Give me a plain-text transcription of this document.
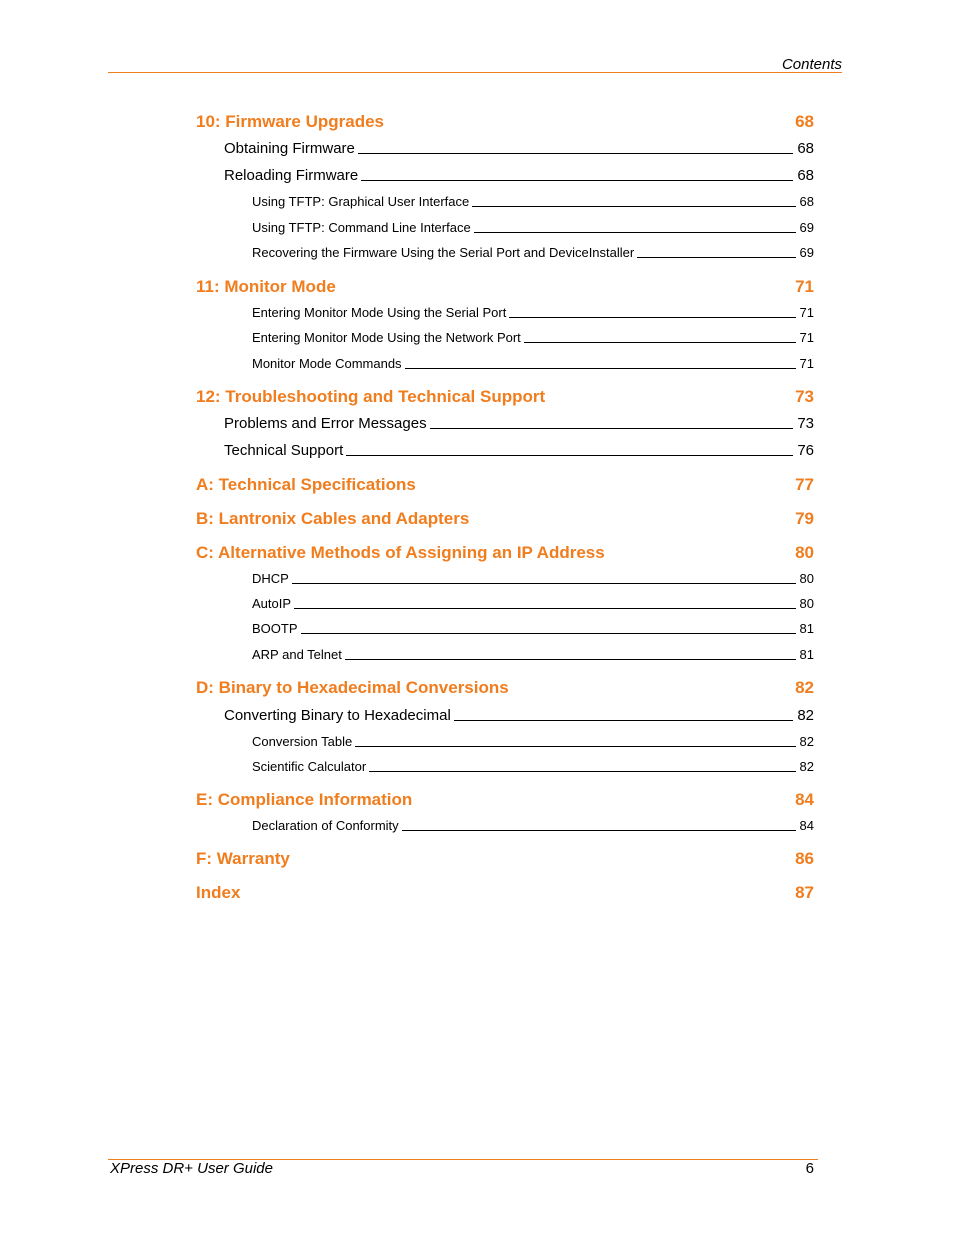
Contents
10: Firmware Upgrades	68
Obtaining Firmware	68
Reloading Firmware	68
Using TFTP: Graphical User Interface	68
Using TFTP: Command Line Interface	69
Recovering the Firmware Using the Serial Port and DeviceInstaller	69
11: Monitor Mode	71
Entering Monitor Mode Using the Serial Port	71
Entering Monitor Mode Using the Network Port	71
Monitor Mode Commands	71
12: Troubleshooting and Technical Support	73
Problems and Error Messages	73
Technical Support	76
A: Technical Specifications	77
B: Lantronix Cables and Adapters	79
C: Alternative Methods of Assigning an IP Address	80
DHCP	80
AutoIP	80
BOOTP	81
ARP and Telnet	81
D: Binary to Hexadecimal Conversions	82
Converting Binary to Hexadecimal	82
Conversion Table	82
Scientific Calculator	82
E: Compliance Information	84
Declaration of Conformity	84
F: Warranty	86
Index	87
XPress DR+ User Guide	6
